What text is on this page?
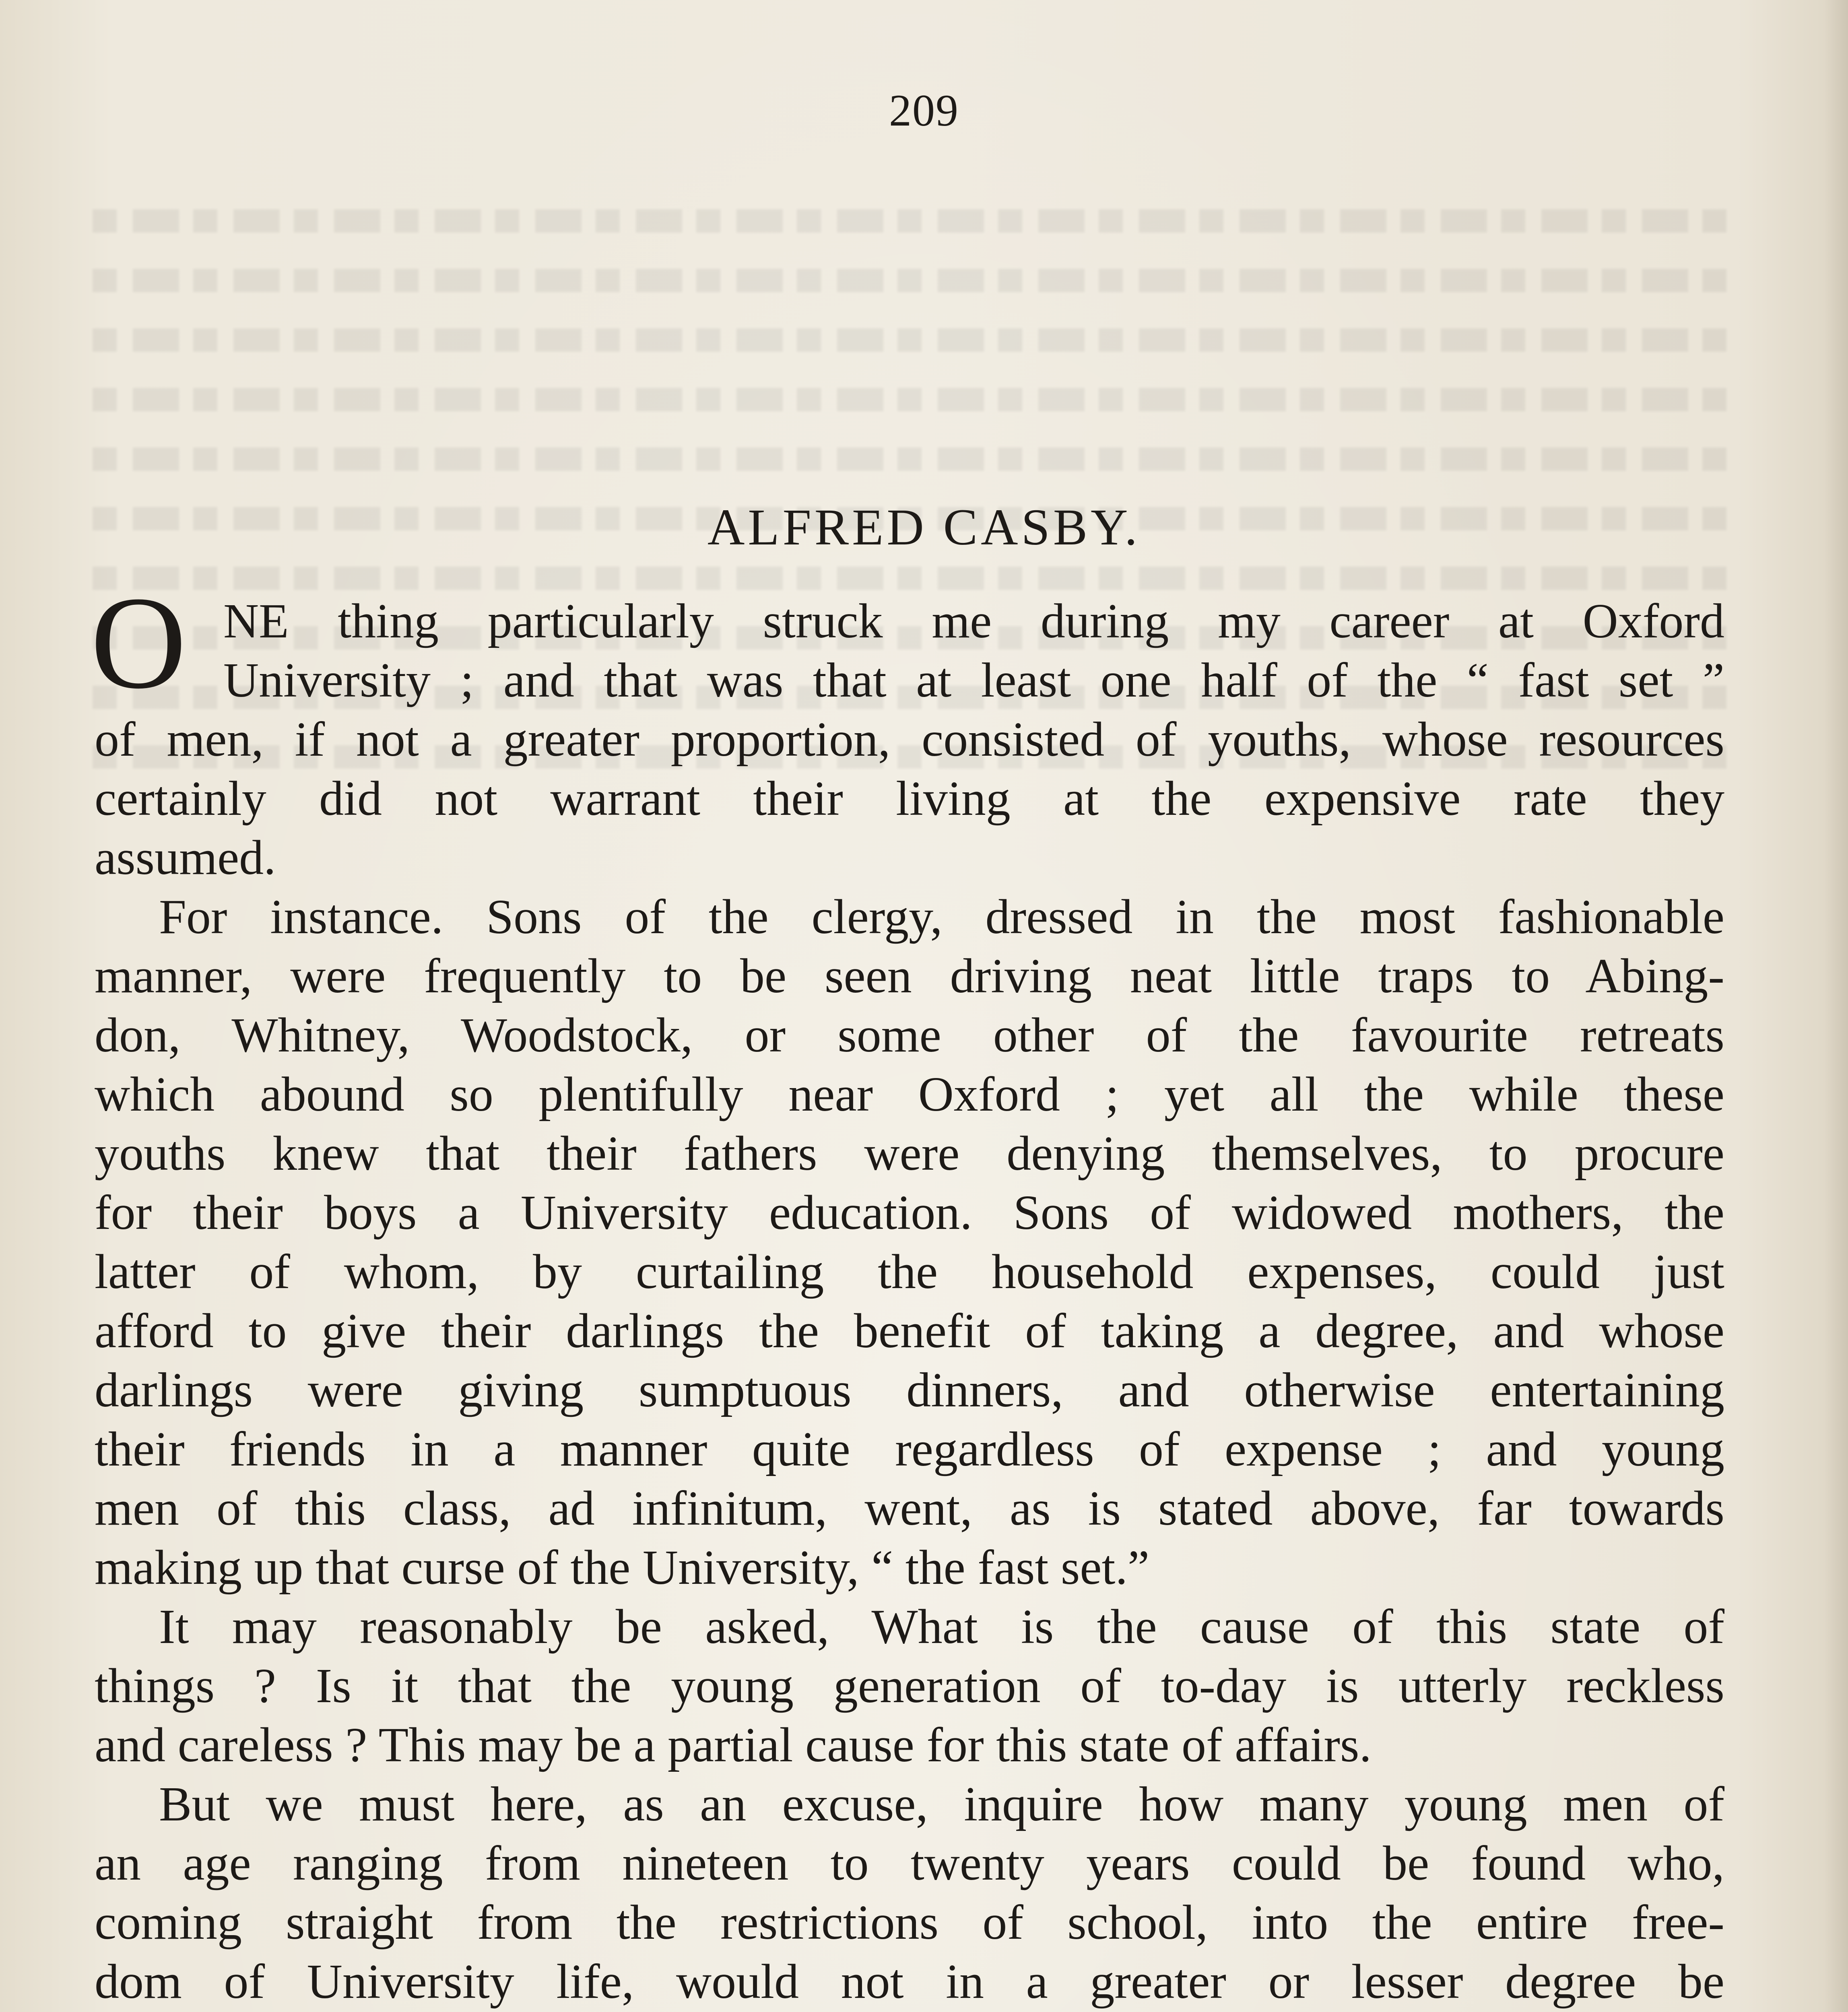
209
ALFRED CASBY.
O NE thing particularly struck me during my career at Oxford
University ; and that was that at least one half of the “ fast set ”
of men, if not a greater proportion, consisted of youths, whose resources
certainly did not warrant their living at the expensive rate they
assumed.
For instance. Sons of the clergy, dressed in the most fashionable
manner, were frequently to be seen driving neat little traps to Abing-
don, Whitney, Woodstock, or some other of the favourite retreats
which abound so plentifully near Oxford ; yet all the while these
youths knew that their fathers were denying themselves, to procure
for their boys a University education. Sons of widowed mothers, the
latter of whom, by curtailing the household expenses, could just
afford to give their darlings the benefit of taking a degree, and whose
darlings were giving sumptuous dinners, and otherwise entertaining
their friends in a manner quite regardless of expense ; and young
men of this class, ad infinitum, went, as is stated above, far towards
making up that curse of the University, “ the fast set.”
It may reasonably be asked, What is the cause of this state of
things ? Is it that the young generation of to-day is utterly reckless
and careless ? This may be a partial cause for this state of affairs.
But we must here, as an excuse, inquire how many young men of
an age ranging from nineteen to twenty years could be found who,
coming straight from the restrictions of school, into the entire free-
dom of University life, would not in a greater or lesser degree be
